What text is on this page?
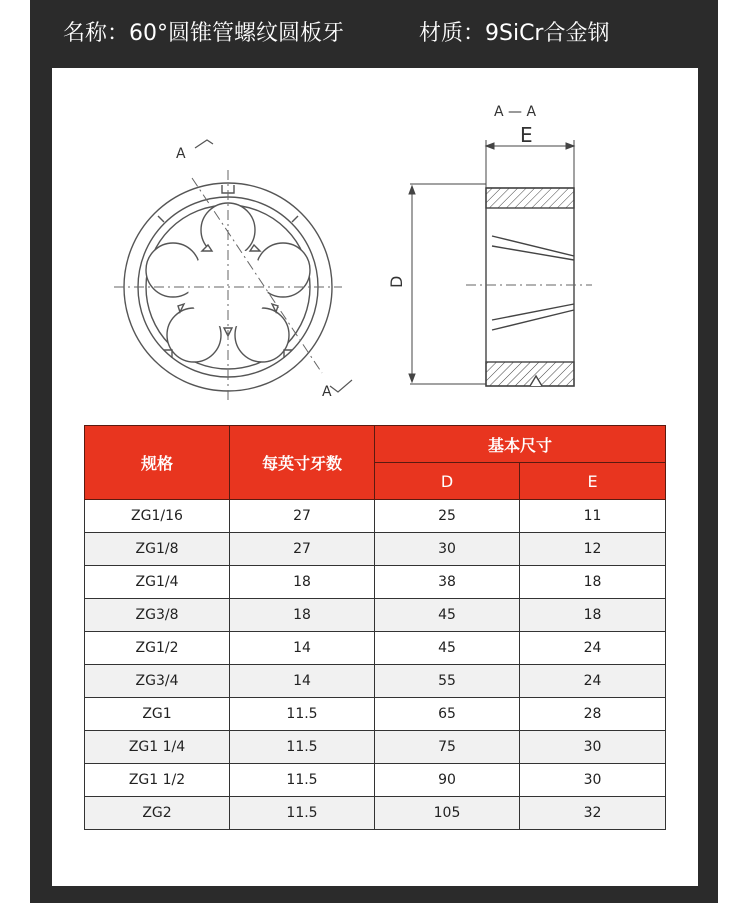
名称：60°圆锥管螺纹圆板牙	材质：9SiCr合金钢
A
A
A — A
E
D
规格	每英寸牙数	基本尺寸	
		D	E
ZG1/16	27	25	11
ZG1/8	27	30	12
ZG1/4	18	38	18
ZG3/8	18	45	18
ZG1/2	14	45	24
ZG3/4	14	55	24
ZG1	11.5	65	28
ZG1 1/4	11.5	75	30
ZG1 1/2	11.5	90	30
ZG2	11.5	105	32
